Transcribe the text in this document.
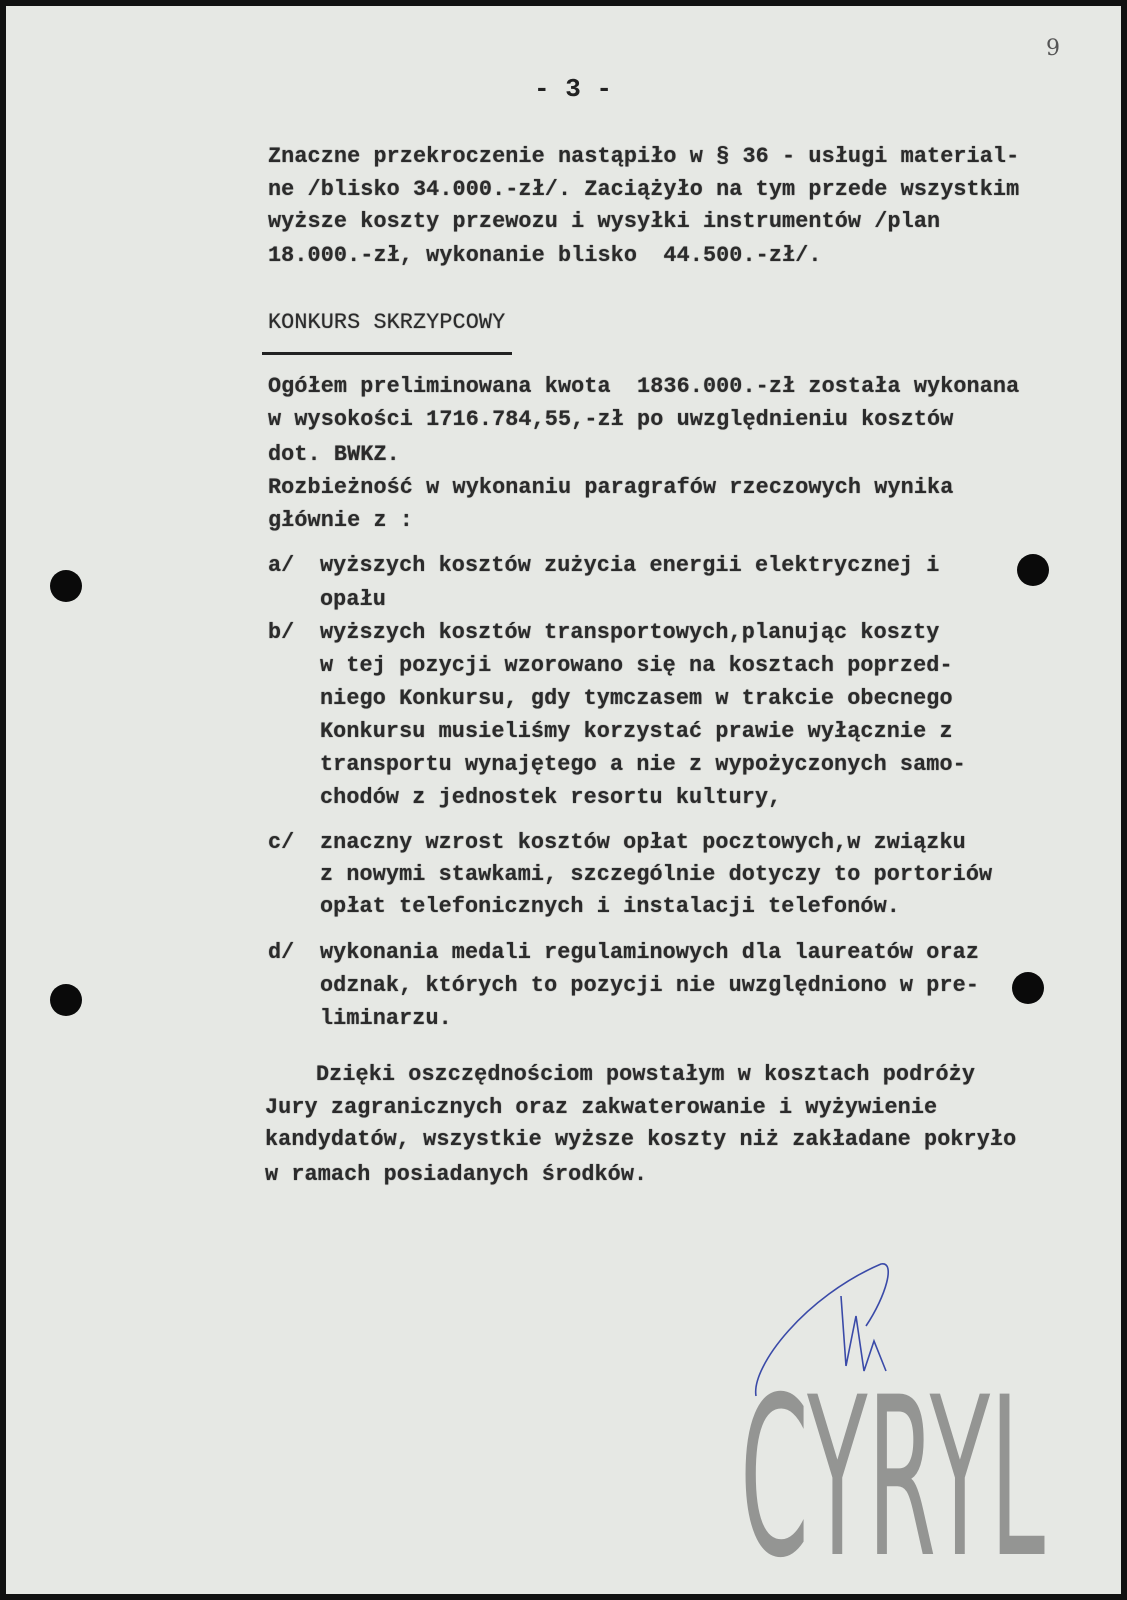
- 3 -
9
Znaczne przekroczenie nastąpiło w § 36 - usługi material-
ne /blisko 34.000.-zł/. Zaciążyło na tym przede wszystkim
wyższe koszty przewozu i wysyłki instrumentów /plan
18.000.-zł, wykonanie blisko  44.500.-zł/.
KONKURS SKRZYPCOWY
Ogółem preliminowana kwota  1836.000.-zł została wykonana
w wysokości 1716.784,55,-zł po uwzględnieniu kosztów
dot. BWKZ.
Rozbieżność w wykonaniu paragrafów rzeczowych wynika
głównie z :
a/ wyższych kosztów zużycia energii elektrycznej i
opału
b/ wyższych kosztów transportowych,planując koszty
w tej pozycji wzorowano się na kosztach poprzed-
niego Konkursu, gdy tymczasem w trakcie obecnego
Konkursu musieliśmy korzystać prawie wyłącznie z
transportu wynajętego a nie z wypożyczonych samo-
chodów z jednostek resortu kultury,
c/ znaczny wzrost kosztów opłat pocztowych,w związku
z nowymi stawkami, szczególnie dotyczy to portoriów
opłat telefonicznych i instalacji telefonów.
d/ wykonania medali regulaminowych dla laureatów oraz
odznak, których to pozycji nie uwzględniono w pre-
liminarzu.
Dzięki oszczędnościom powstałym w kosztach podróży
Jury zagranicznych oraz zakwaterowanie i wyżywienie
kandydatów, wszystkie wyższe koszty niż zakładane pokryło
w ramach posiadanych środków.
CYRYL
